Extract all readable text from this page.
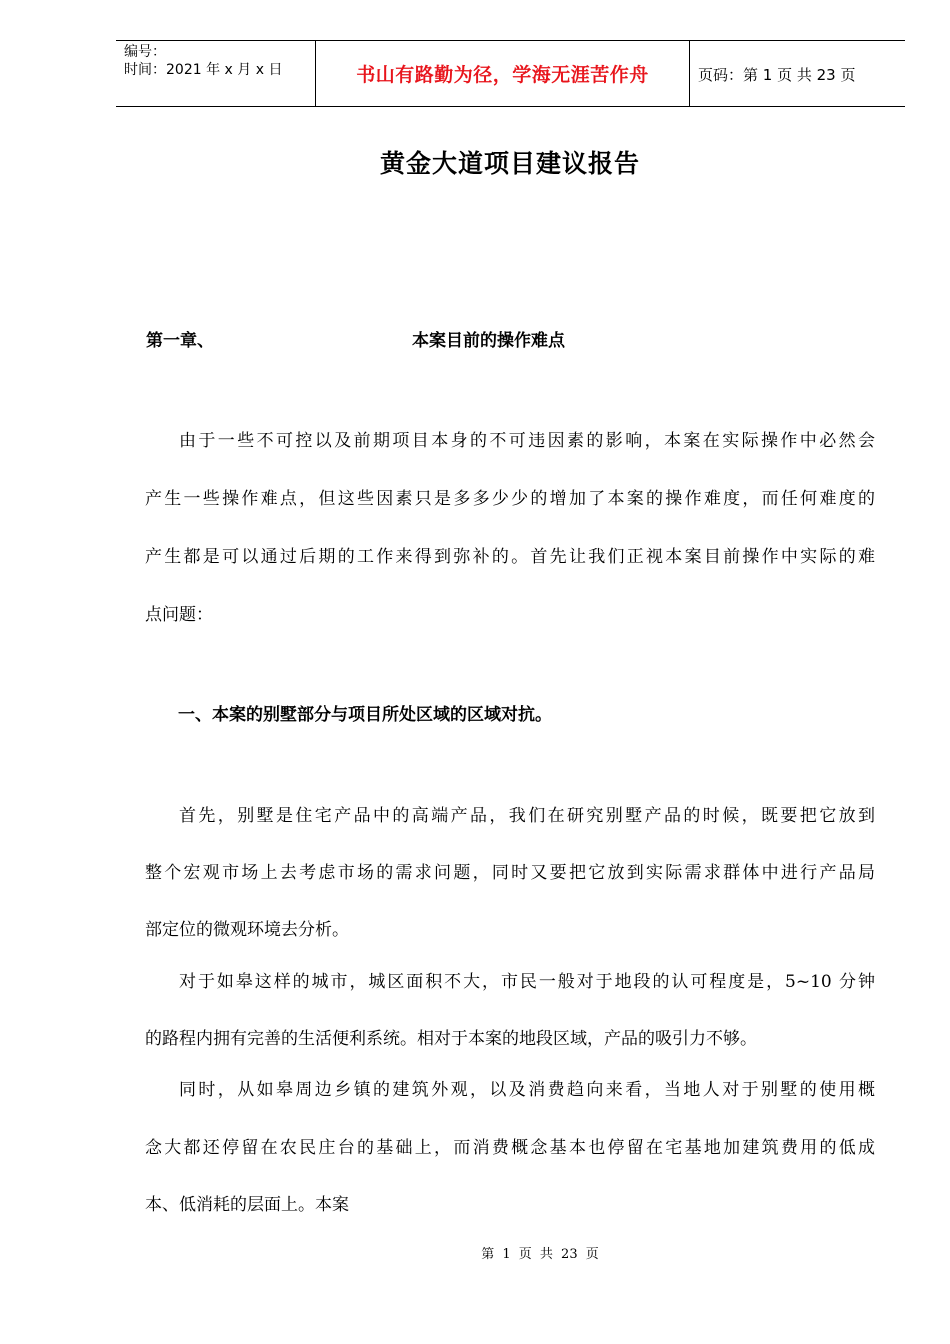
编号：
时间：2021 年 x 月 x 日	书山有路勤为径，学海无涯苦作舟	页码：第 1 页 共 23 页
黄金大道项目建议报告
第一章、	本案目前的操作难点
由于一些不可控以及前期项目本身的不可违因素的影响，本案在实际操作中必然会
产生一些操作难点，但这些因素只是多多少少的增加了本案的操作难度，而任何难度的
产生都是可以通过后期的工作来得到弥补的。首先让我们正视本案目前操作中实际的难
点问题：
一、本案的别墅部分与项目所处区域的区域对抗。
首先，别墅是住宅产品中的高端产品，我们在研究别墅产品的时候，既要把它放到
整个宏观市场上去考虑市场的需求问题，同时又要把它放到实际需求群体中进行产品局
部定位的微观环境去分析。
对于如皋这样的城市，城区面积不大，市民一般对于地段的认可程度是，5~10 分钟
的路程内拥有完善的生活便利系统。相对于本案的地段区域，产品的吸引力不够。
同时，从如皋周边乡镇的建筑外观，以及消费趋向来看，当地人对于别墅的使用概
念大都还停留在农民庄台的基础上，而消费概念基本也停留在宅基地加建筑费用的低成
本、低消耗的层面上。本案
第 1 页 共 23 页
